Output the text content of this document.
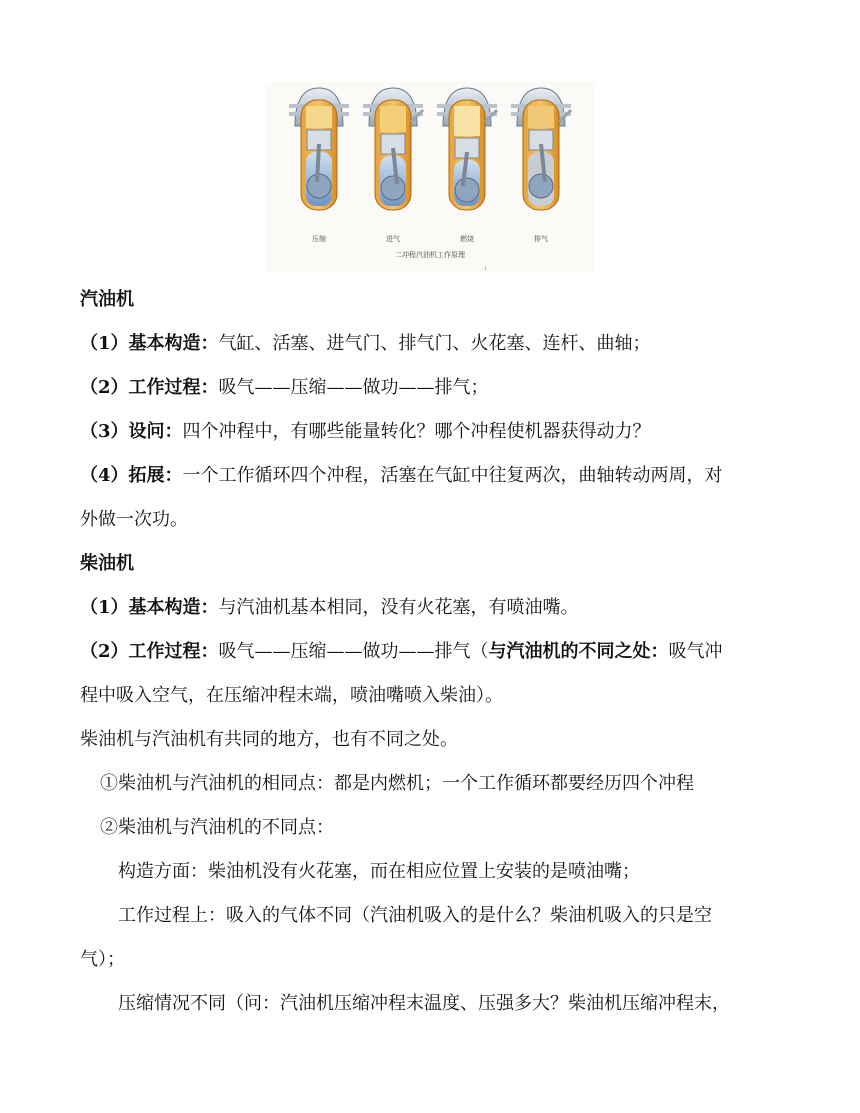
压缩	进气	燃烧	排气
二冲程汽油机工作原理
↓
汽油机
（1）基本构造：气缸、活塞、进气门、排气门、火花塞、连杆、曲轴；
（2）工作过程：吸气——压缩——做功——排气；
（3）设问：四个冲程中，有哪些能量转化？哪个冲程使机器获得动力？
（4）拓展：一个工作循环四个冲程，活塞在气缸中往复两次，曲轴转动两周，对
外做一次功。
柴油机
（1）基本构造：与汽油机基本相同，没有火花塞，有喷油嘴。
（2）工作过程：吸气——压缩——做功——排气（与汽油机的不同之处：吸气冲
程中吸入空气，在压缩冲程末端，喷油嘴喷入柴油）。
柴油机与汽油机有共同的地方，也有不同之处。
①柴油机与汽油机的相同点：都是内燃机；一个工作循环都要经历四个冲程
②柴油机与汽油机的不同点：
构造方面：柴油机没有火花塞，而在相应位置上安装的是喷油嘴；
工作过程上：吸入的气体不同（汽油机吸入的是什么？柴油机吸入的只是空
气）；
压缩情况不同（问：汽油机压缩冲程末温度、压强多大？柴油机压缩冲程末，
